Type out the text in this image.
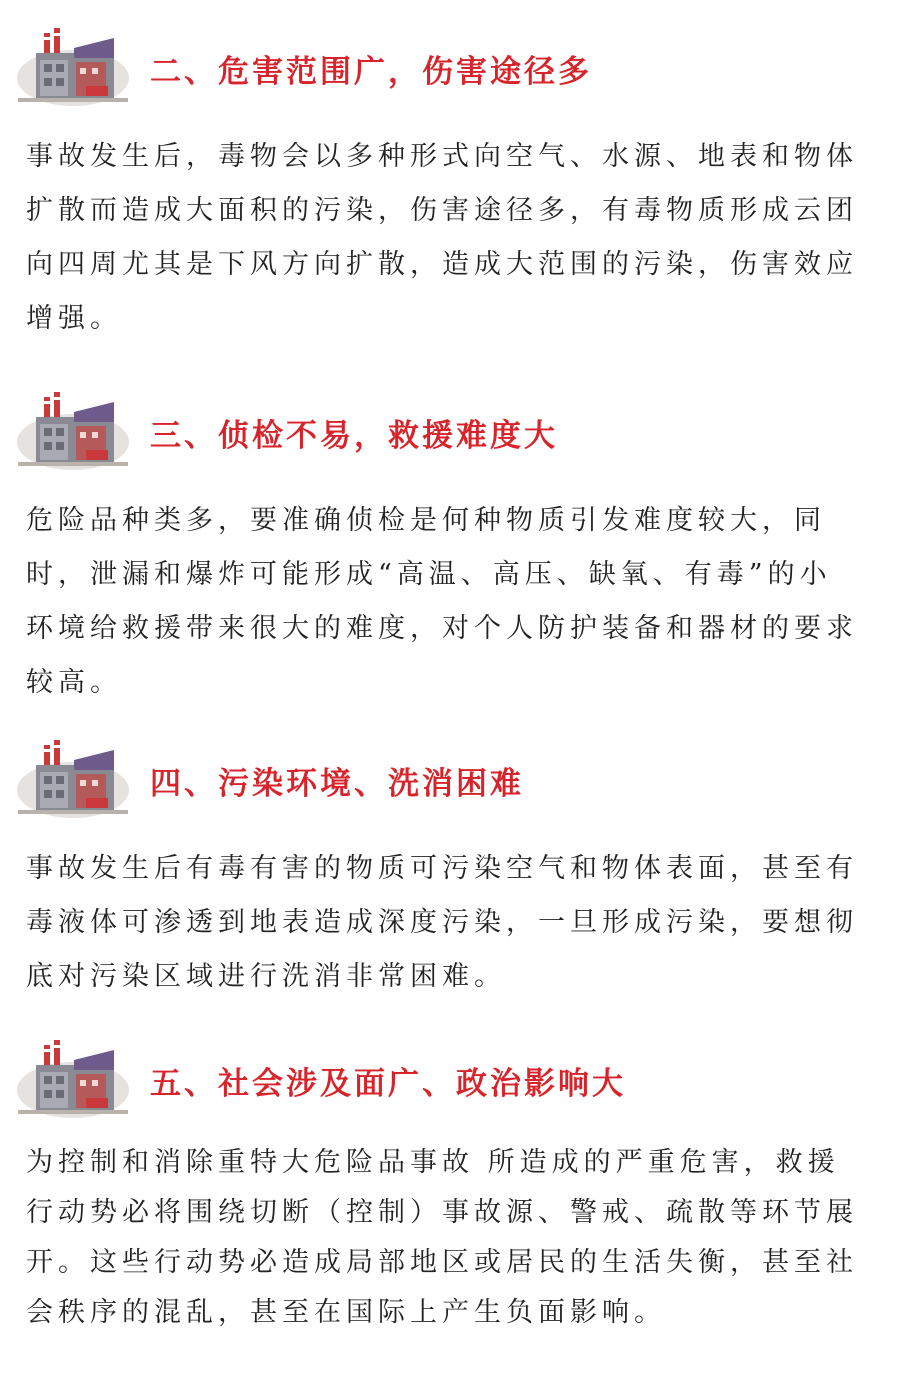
二、危害范围广，伤害途径多

事故发生后，毒物会以多种形式向空气、水源、地表和物体扩散而造成大面积的污染，伤害途径多，有毒物质形成云团向四周尤其是下风方向扩散，造成大范围的污染，伤害效应增强。

三、侦检不易，救援难度大

危险品种类多，要准确侦检是何种物质引发难度较大，同时，泄漏和爆炸可能形成“高温、高压、缺氧、有毒”的小环境给救援带来很大的难度，对个人防护装备和器材的要求较高。

四、污染环境、洗消困难

事故发生后有毒有害的物质可污染空气和物体表面，甚至有毒液体可渗透到地表造成深度污染，一旦形成污染，要想彻底对污染区域进行洗消非常困难。

五、社会涉及面广、政治影响大

为控制和消除重特大危险品事故 所造成的严重危害，救援行动势必将围绕切断（控制）事故源、警戒、疏散等环节展开。这些行动势必造成局部地区或居民的生活失衡，甚至社会秩序的混乱，甚至在国际上产生负面影响。
